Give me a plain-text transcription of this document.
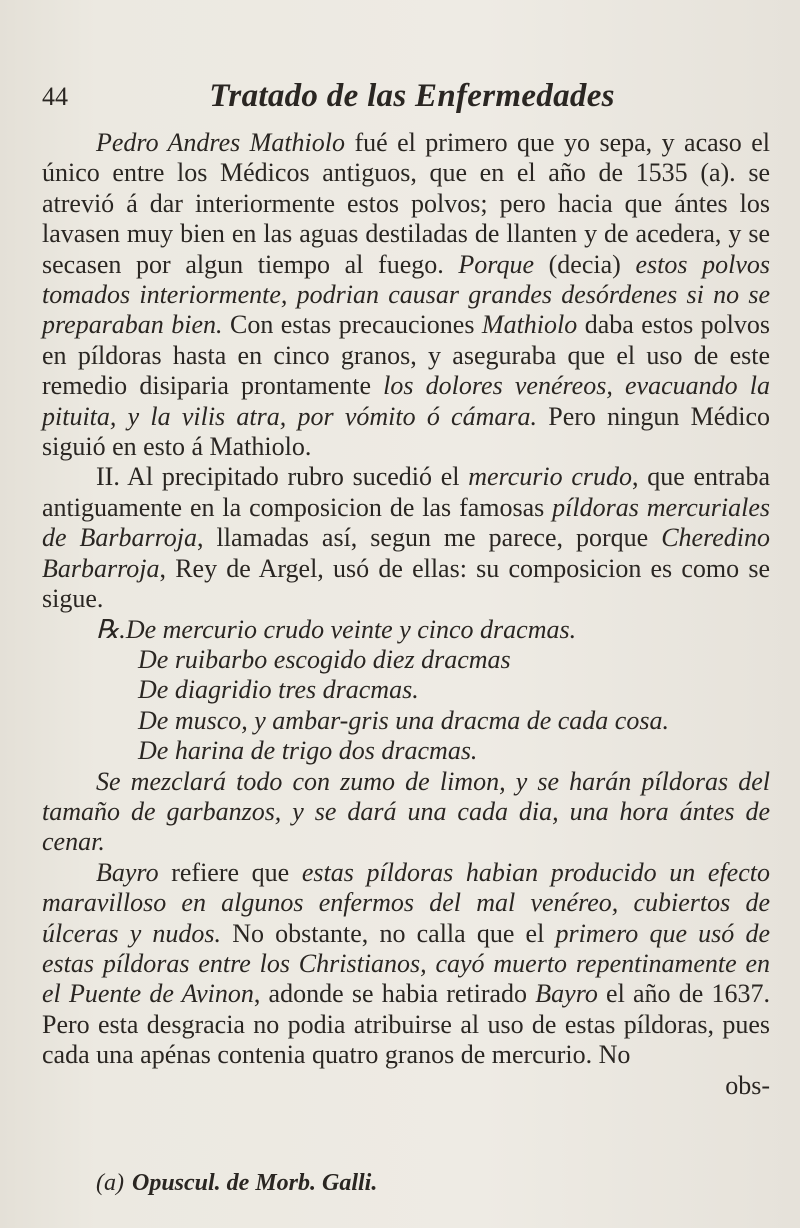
44	Tratado de las Enfermedades

Pedro Andres Mathiolo fué el primero que yo sepa, y acaso el único entre los Médicos antiguos, que en el año de 1535 (a). se atrevió á dar interiormente estos polvos; pero hacia que ántes los lavasen muy bien en las aguas destiladas de llanten y de acedera, y se secasen por algun tiempo al fuego. Porque (decia) estos polvos tomados interiormente, podrian causar grandes desórdenes si no se preparaban bien. Con estas precauciones Mathiolo daba estos polvos en píldoras hasta en cinco granos, y aseguraba que el uso de este remedio disiparia prontamente los dolores venéreos, evacuando la pituita, y la vilis atra, por vómito ó cámara. Pero ningun Médico siguió en esto á Mathiolo.

II. Al precipitado rubro sucedió el mercurio crudo, que entraba antiguamente en la composicion de las famosas píldoras mercuriales de Barbarroja, llamadas así, segun me parece, porque Cheredino Barbarroja, Rey de Argel, usó de ellas: su composicion es como se sigue.

℞.De mercurio crudo veinte y cinco dracmas.

De ruibarbo escogido diez dracmas

De diagridio tres dracmas.

De musco, y ambar-gris una dracma de cada cosa.

De harina de trigo dos dracmas.

Se mezclará todo con zumo de limon, y se harán píldoras del tamaño de garbanzos, y se dará una cada dia, una hora ántes de cenar.

Bayro refiere que estas píldoras habian producido un efecto maravilloso en algunos enfermos del mal venéreo, cubiertos de úlceras y nudos. No obstante, no calla que el primero que usó de estas píldoras entre los Christianos, cayó muerto repentinamente en el Puente de Avinon, adonde se habia retirado Bayro el año de 1637. Pero esta desgracia no podia atribuirse al uso de estas píldoras, pues cada una apénas contenia quatro granos de mercurio. No

obs-

(a) Opuscul. de Morb. Galli.
